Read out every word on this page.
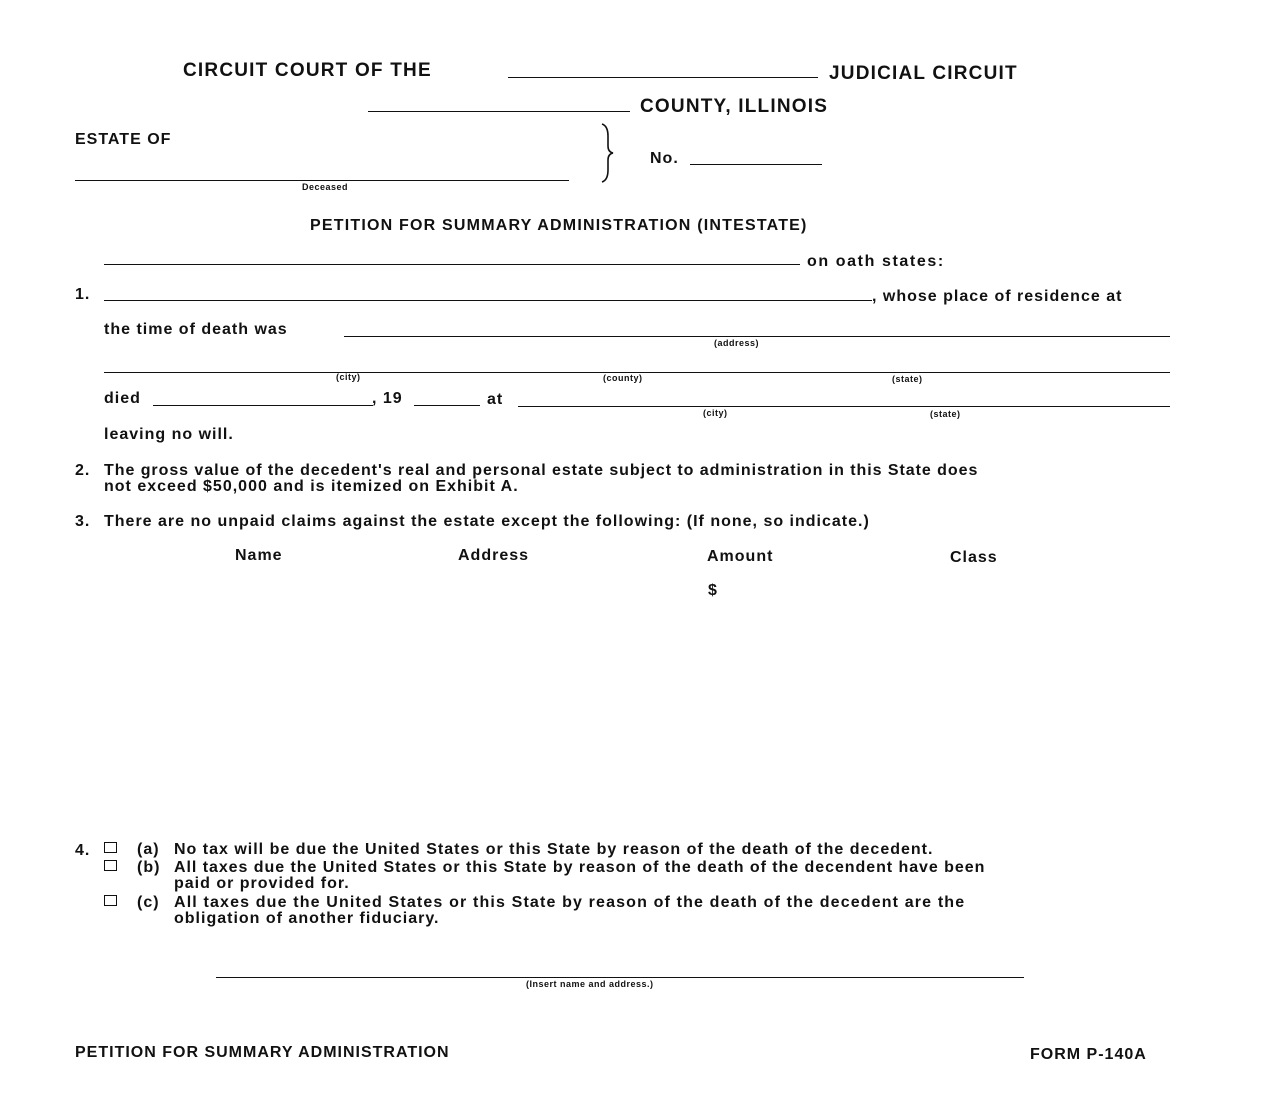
CIRCUIT COURT OF THE	JUDICIAL CIRCUIT
COUNTY, ILLINOIS
ESTATE OF
Deceased
No.
PETITION FOR SUMMARY ADMINISTRATION (INTESTATE)
on oath states:
1.	, whose place of residence at
the time of death was
(address)
(city)	(county)	(state)
died	, 19	at
(city)	(state)
leaving no will.
2. The gross value of the decedent's real and personal estate subject to administration in this State does
not exceed $50,000 and is itemized on Exhibit A.
3. There are no unpaid claims against the estate except the following: (If none, so indicate.)
Name	Address	Amount	Class
$
4.	(a) No tax will be due the United States or this State by reason of the death of the decedent.
(b) All taxes due the United States or this State by reason of the death of the decendent have been
paid or provided for.
(c) All taxes due the United States or this State by reason of the death of the decedent are the
obligation of another fiduciary.
(Insert name and address.)
PETITION FOR SUMMARY ADMINISTRATION	FORM P-140A
